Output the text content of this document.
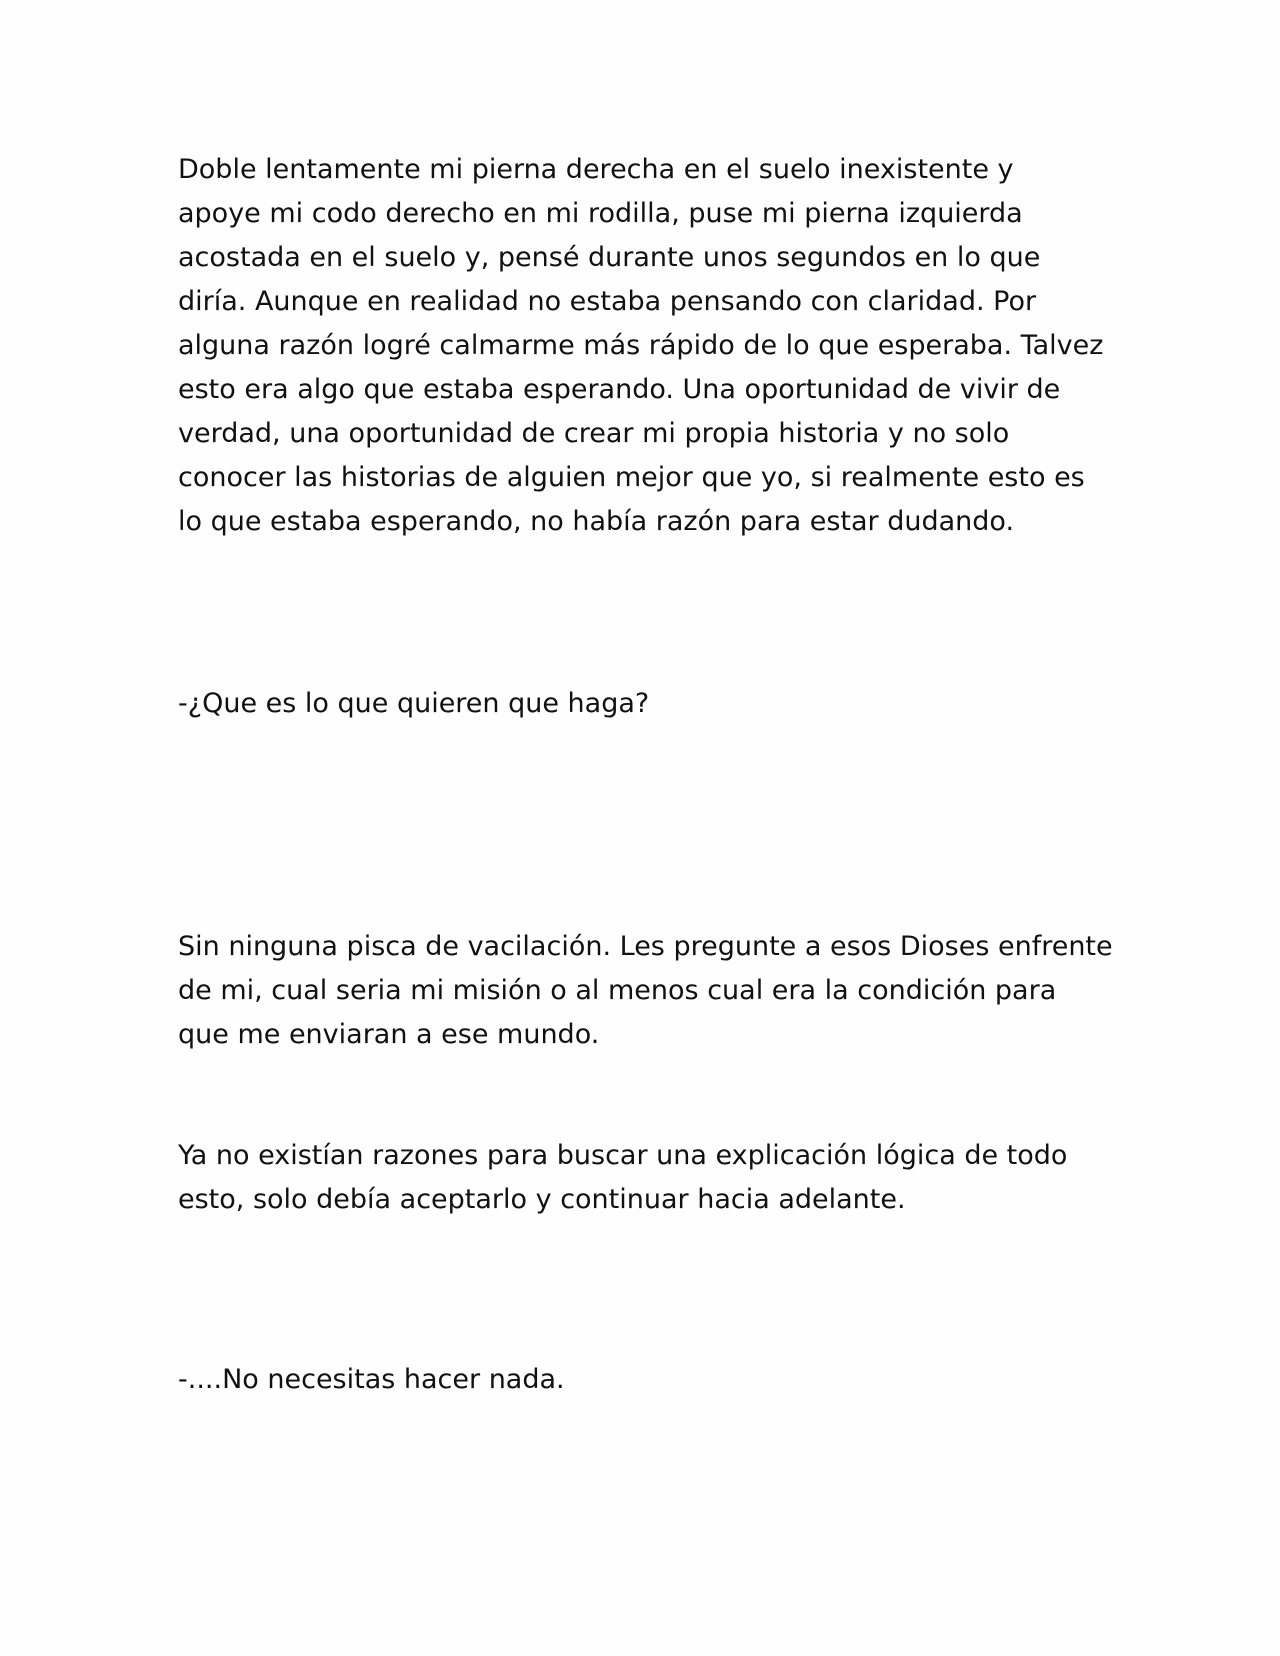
Doble lentamente mi pierna derecha en el suelo inexistente y
apoye mi codo derecho en mi rodilla, puse mi pierna izquierda
acostada en el suelo y, pensé durante unos segundos en lo que
diría. Aunque en realidad no estaba pensando con claridad. Por
alguna razón logré calmarme más rápido de lo que esperaba. Talvez
esto era algo que estaba esperando. Una oportunidad de vivir de
verdad, una oportunidad de crear mi propia historia y no solo
conocer las historias de alguien mejor que yo, si realmente esto es
lo que estaba esperando, no había razón para estar dudando.

-¿Que es lo que quieren que haga?

Sin ninguna pisca de vacilación. Les pregunte a esos Dioses enfrente
de mi, cual seria mi misión o al menos cual era la condición para
que me enviaran a ese mundo.

Ya no existían razones para buscar una explicación lógica de todo
esto, solo debía aceptarlo y continuar hacia adelante.

-....No necesitas hacer nada.
